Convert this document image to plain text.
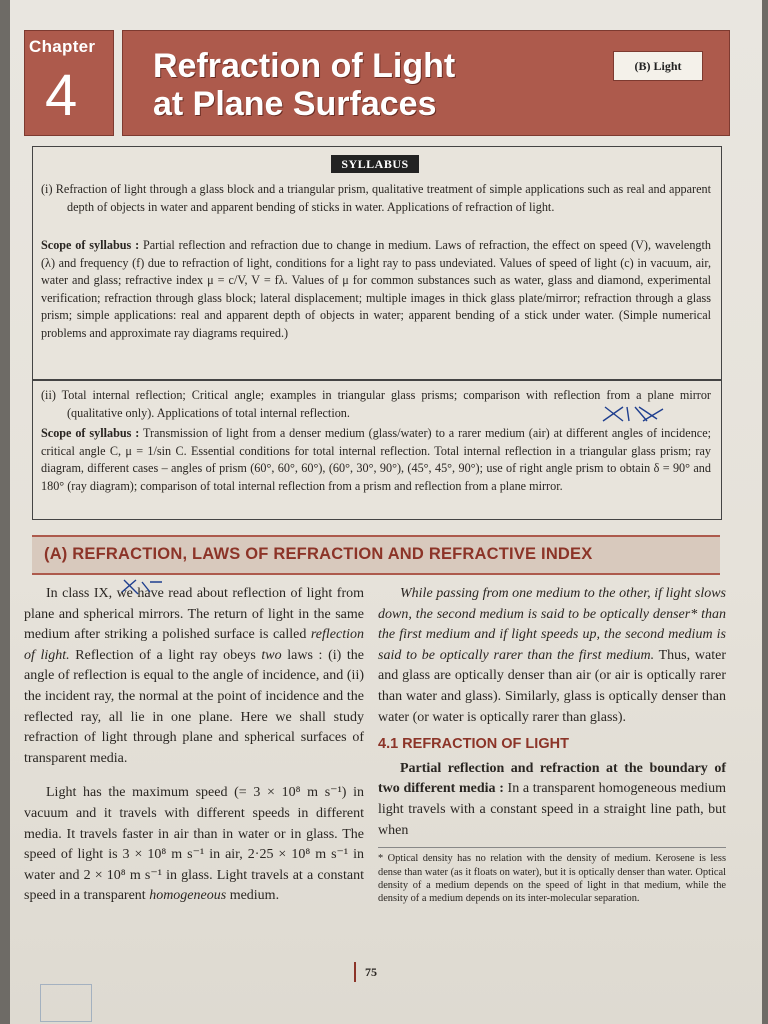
Chapter
4 Refraction of Light
at Plane Surfaces
(B) Light
SYLLABUS

(i) Refraction of light through a glass block and a triangular prism, qualitative treatment of simple applications such as real and apparent depth of objects in water and apparent bending of sticks in water. Applications of refraction of light.

Scope of syllabus : Partial reflection and refraction due to change in medium. Laws of refraction, the effect on speed (V), wavelength (λ) and frequency (f) due to refraction of light, conditions for a light ray to pass undeviated. Values of speed of light (c) in vacuum, air, water and glass; refractive index μ = c/V, V = fλ. Values of μ for common substances such as water, glass and diamond, experimental verification; refraction through glass block; lateral displacement; multiple images in thick glass plate/mirror; refraction through a glass prism; simple applications: real and apparent depth of objects in water; apparent bending of a stick under water. (Simple numerical problems and approximate ray diagrams required.)

(ii) Total internal reflection; Critical angle; examples in triangular glass prisms; comparison with reflection from a plane mirror (qualitative only). Applications of total internal reflection.

Scope of syllabus : Transmission of light from a denser medium (glass/water) to a rarer medium (air) at different angles of incidence; critical angle C, μ = 1/sin C. Essential conditions for total internal reflection. Total internal reflection in a triangular glass prism; ray diagram, different cases – angles of prism (60°, 60°, 60°), (60°, 30°, 90°), (45°, 45°, 90°); use of right angle prism to obtain δ = 90° and 180° (ray diagram); comparison of total internal reflection from a prism and reflection from a plane mirror.

(A) REFRACTION, LAWS OF REFRACTION AND REFRACTIVE INDEX

In class IX, we have read about reflection of light from plane and spherical mirrors. The return of light in the same medium after striking a polished surface is called reflection of light. Reflection of a light ray obeys two laws : (i) the angle of reflection is equal to the angle of incidence, and (ii) the incident ray, the normal at the point of incidence and the reflected ray, all lie in one plane. Here we shall study refraction of light through plane and spherical surfaces of transparent media.

Light has the maximum speed (= 3 × 10⁸ m s⁻¹) in vacuum and it travels with different speeds in different media. It travels faster in air than in water or in glass. The speed of light is 3 × 10⁸ m s⁻¹ in air, 2·25 × 10⁸ m s⁻¹ in water and 2 × 10⁸ m s⁻¹ in glass. Light travels at a constant speed in a transparent homogeneous medium.

While passing from one medium to the other, if light slows down, the second medium is said to be optically denser* than the first medium and if light speeds up, the second medium is said to be optically rarer than the first medium. Thus, water and glass are optically denser than air (or air is optically rarer than water and glass). Similarly, glass is optically denser than water (or water is optically rarer than glass).

4.1 REFRACTION OF LIGHT

Partial reflection and refraction at the boundary of two different media : In a transparent homogeneous medium light travels with a constant speed in a straight line path, but when

* Optical density has no relation with the density of medium. Kerosene is less dense than water (as it floats on water), but it is optically denser than water. Optical density of a medium depends on the speed of light in that medium, while the density of a medium depends on its inter-molecular separation.

75
